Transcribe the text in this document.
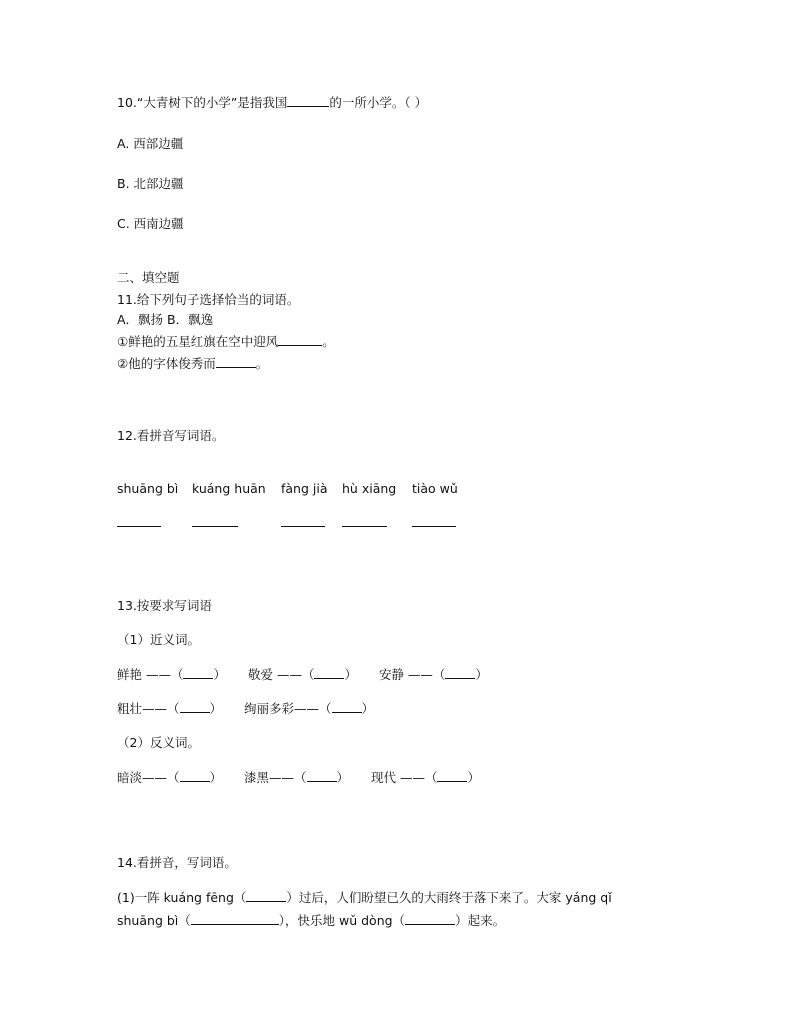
10.“大青树下的小学”是指我国	的一所小学。（ ）
A. 西部边疆
B. 北部边疆
C. 西南边疆
二、填空题
11.给下列句子选择恰当的词语。
A．飘扬 B．飘逸
①鲜艳的五星红旗在空中迎风	。
②他的字体俊秀而	。
12.看拼音写词语。
shuāng bì kuáng huān fàng jià hù xiāng tiào wǔ
13.按要求写词语
（1）近义词。
鲜艳 ——（ ） 敬爱 ——（ ） 安静 ——（ ）
粗壮——（ ） 绚丽多彩——（ ）
（2）反义词。
暗淡——（ ） 漆黑——（ ） 现代 ——（ ）
14.看拼音，写词语。
(1)一阵 kuáng fēng（	）过后，人们盼望已久的大雨终于落下来了。大家 yáng qǐ
shuāng bì（	），快乐地 wǔ dòng（	）起来。
